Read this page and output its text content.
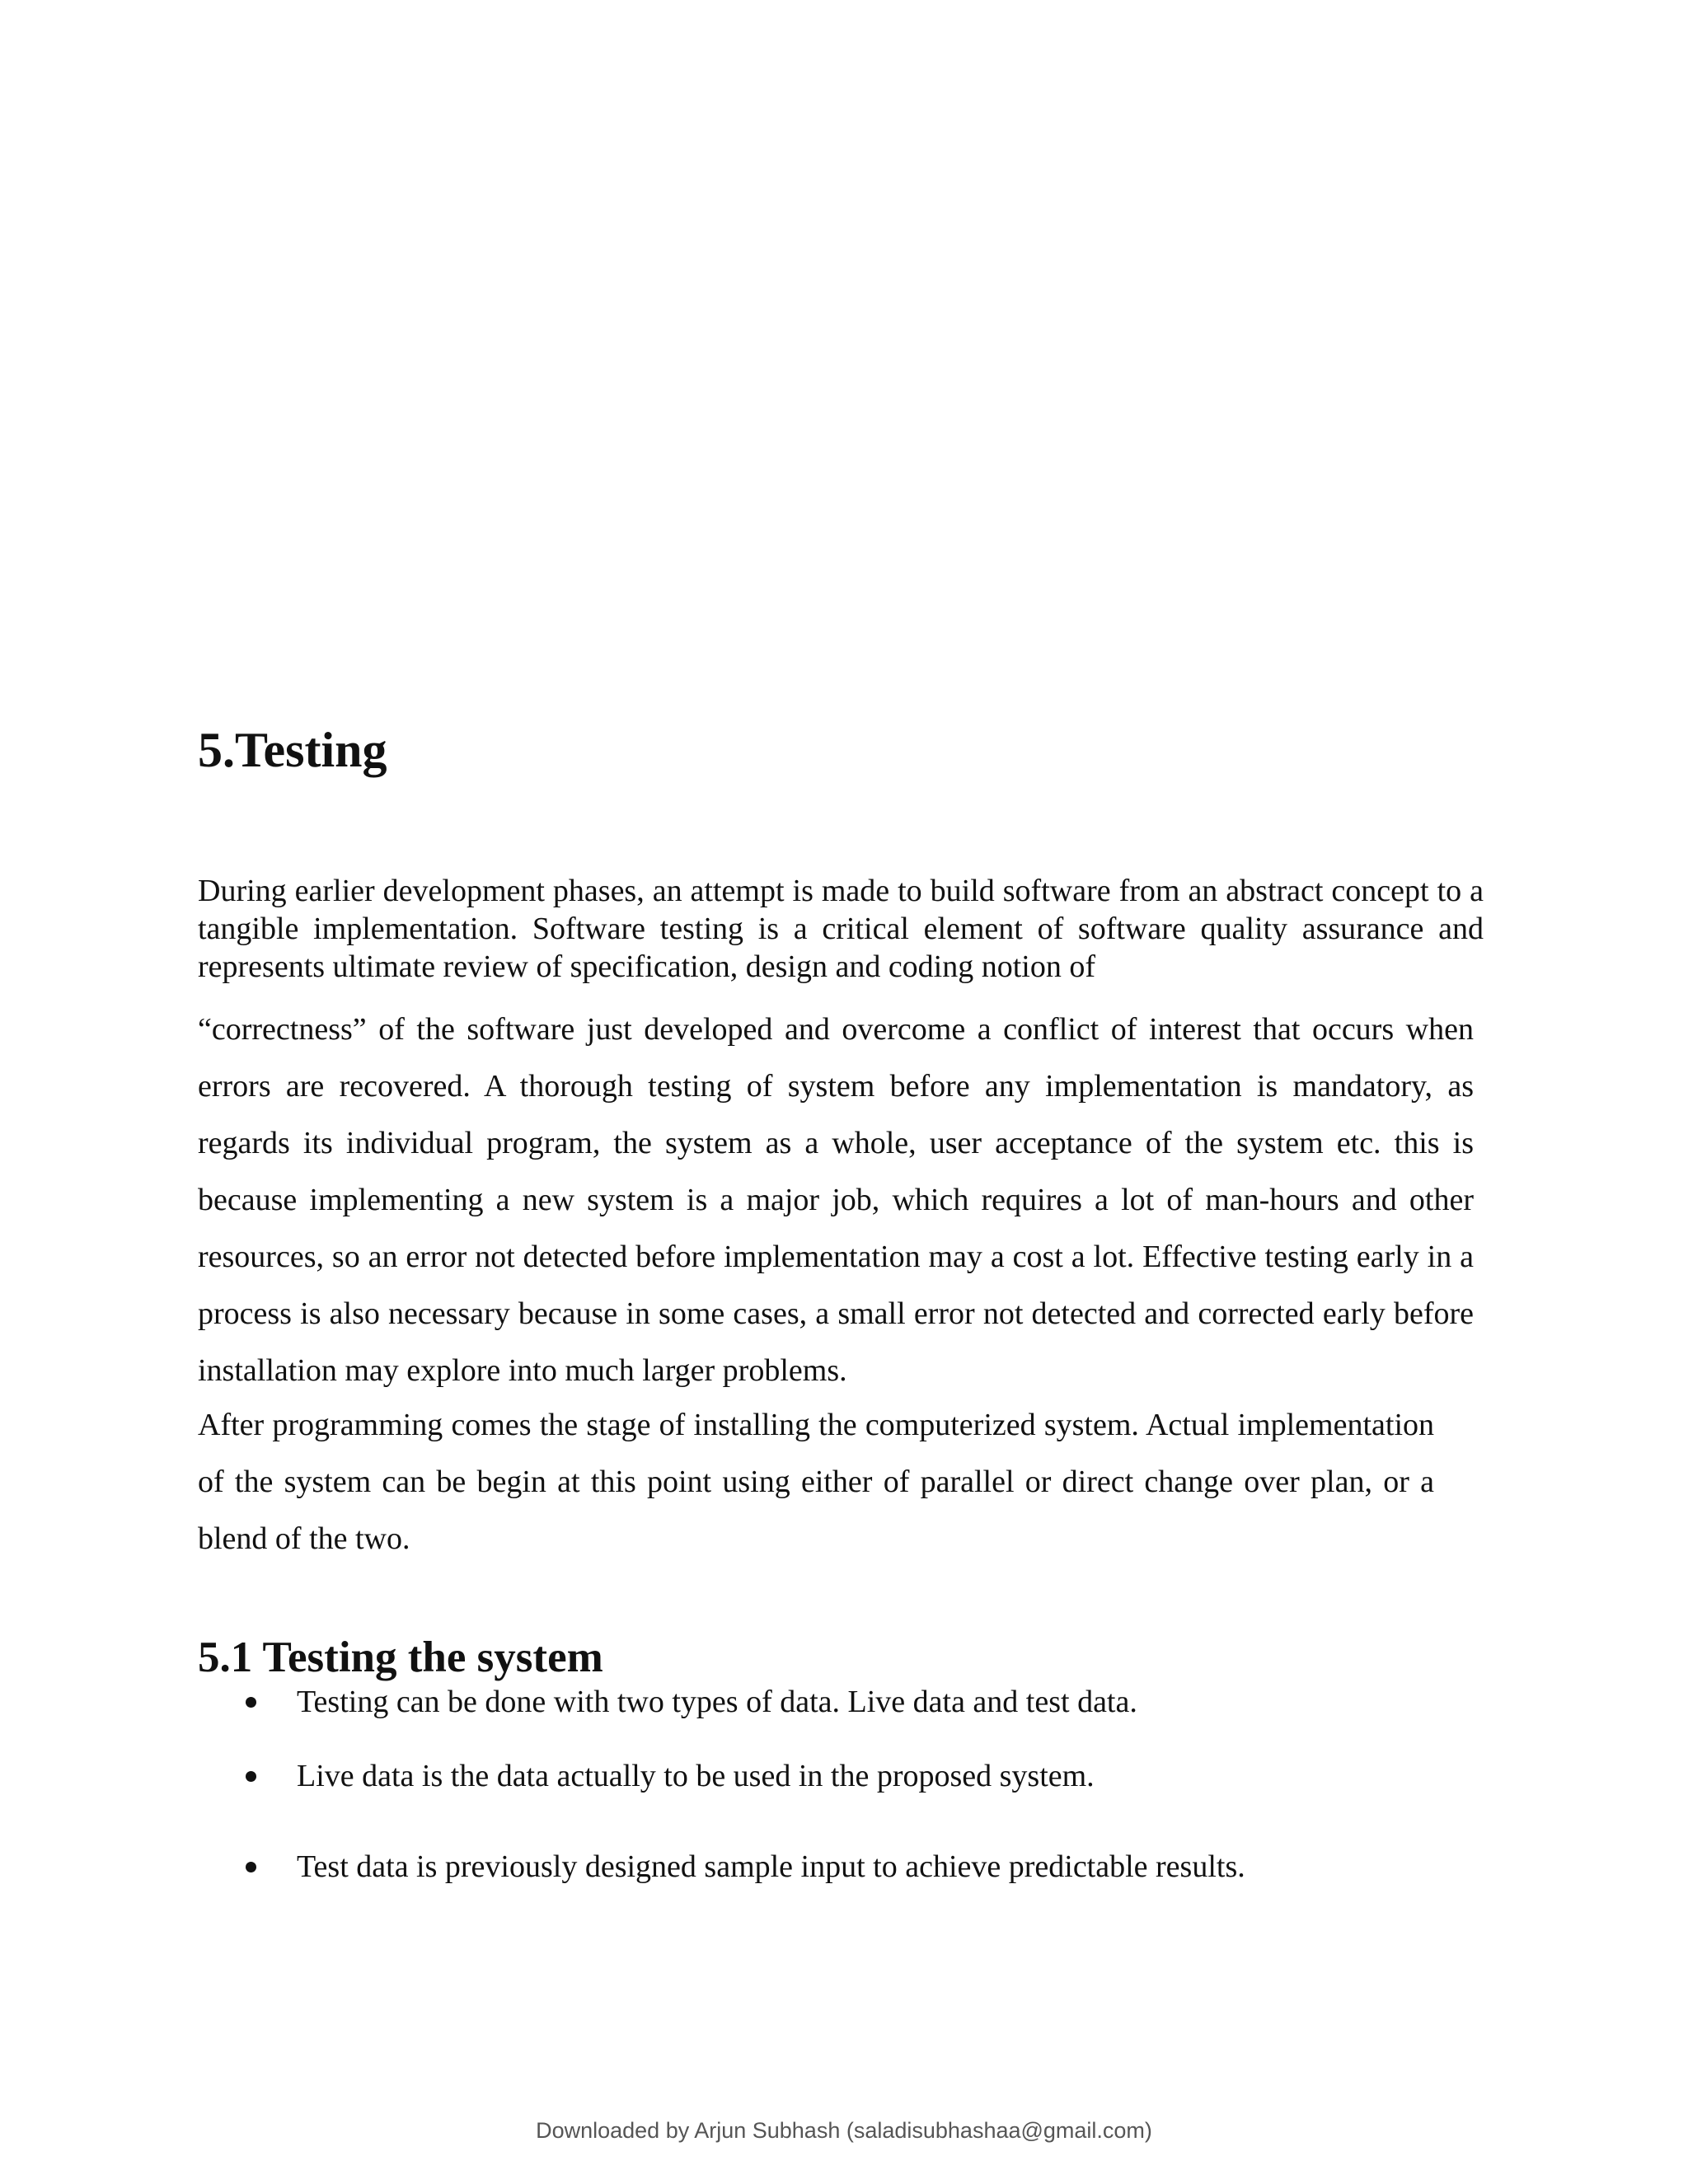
5.Testing

During earlier development phases, an attempt is made to build software from an abstract concept to a tangible implementation. Software testing is a critical element of software quality assurance and represents ultimate review of specification, design and coding notion of

“correctness” of the software just developed and overcome a conflict of interest that occurs when errors are recovered. A thorough testing of system before any implementation is mandatory, as regards its individual program, the system as a whole, user acceptance of the system etc. this is because implementing a new system is a major job, which requires a lot of man-hours and other resources, so an error not detected before implementation may a cost a lot. Effective testing early in a process is also necessary because in some cases, a small error not detected and corrected early before installation may explore into much larger problems.

After programming comes the stage of installing the computerized system. Actual implementation of the system can be begin at this point using either of parallel or direct change over plan, or a blend of the two.

5.1 Testing the system
Testing can be done with two types of data. Live data and test data.
Live data is the data actually to be used in the proposed system.
Test data is previously designed sample input to achieve predictable results.
Downloaded by Arjun Subhash (saladisubhashaa@gmail.com)
